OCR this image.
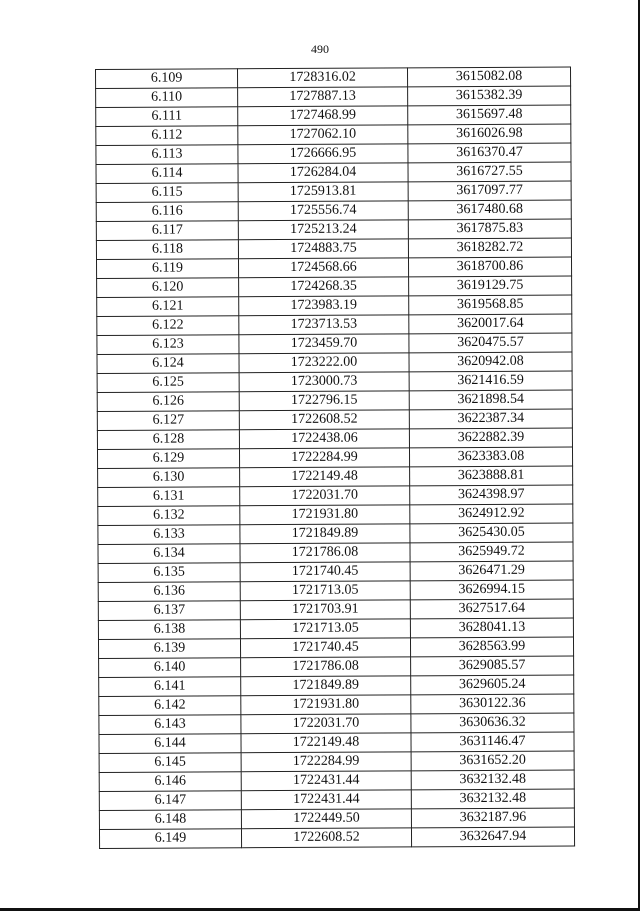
490
6.109	1728316.02	3615082.08
6.110	1727887.13	3615382.39
6.111	1727468.99	3615697.48
6.112	1727062.10	3616026.98
6.113	1726666.95	3616370.47
6.114	1726284.04	3616727.55
6.115	1725913.81	3617097.77
6.116	1725556.74	3617480.68
6.117	1725213.24	3617875.83
6.118	1724883.75	3618282.72
6.119	1724568.66	3618700.86
6.120	1724268.35	3619129.75
6.121	1723983.19	3619568.85
6.122	1723713.53	3620017.64
6.123	1723459.70	3620475.57
6.124	1723222.00	3620942.08
6.125	1723000.73	3621416.59
6.126	1722796.15	3621898.54
6.127	1722608.52	3622387.34
6.128	1722438.06	3622882.39
6.129	1722284.99	3623383.08
6.130	1722149.48	3623888.81
6.131	1722031.70	3624398.97
6.132	1721931.80	3624912.92
6.133	1721849.89	3625430.05
6.134	1721786.08	3625949.72
6.135	1721740.45	3626471.29
6.136	1721713.05	3626994.15
6.137	1721703.91	3627517.64
6.138	1721713.05	3628041.13
6.139	1721740.45	3628563.99
6.140	1721786.08	3629085.57
6.141	1721849.89	3629605.24
6.142	1721931.80	3630122.36
6.143	1722031.70	3630636.32
6.144	1722149.48	3631146.47
6.145	1722284.99	3631652.20
6.146	1722431.44	3632132.48
6.147	1722431.44	3632132.48
6.148	1722449.50	3632187.96
6.149	1722608.52	3632647.94
